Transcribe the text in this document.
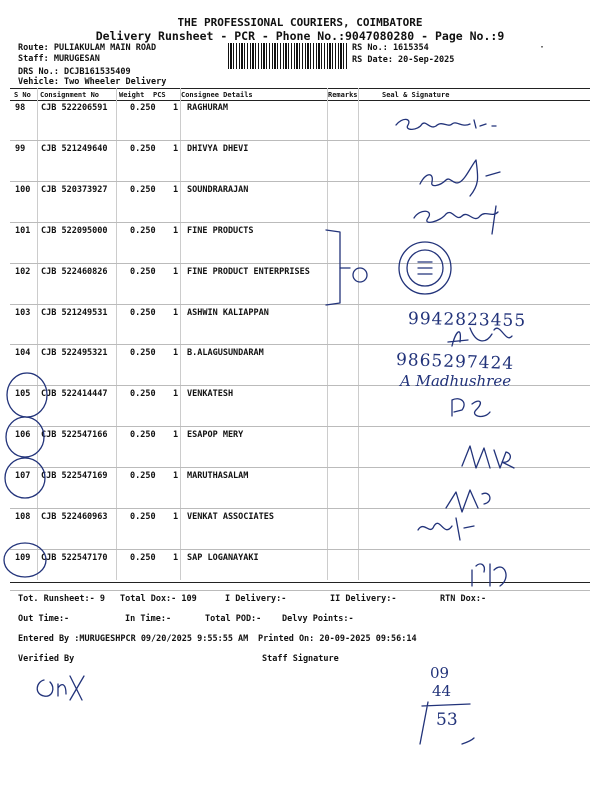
THE PROFESSIONAL COURIERS, COIMBATORE
Delivery Runsheet - PCR - Phone No.:9047080280 - Page No.:9
Route: PULIAKULAM MAIN ROAD
Staff: MURUGESAN
DRS No.: DCJB161535409
Vehicle: Two Wheeler Delivery
RS No.: 1615354
RS Date: 20-Sep-2025
·
S No Consignment No	Weight PCS Consignee Details	Remarks	Seal & Signature
98 CJB 522206591	0.250 1 RAGHURAM
99 CJB 521249640	0.250 1 DHIVYA DHEVI
100 CJB 520373927	0.250 1 SOUNDRARAJAN
101 CJB 522095000	0.250 1 FINE PRODUCTS
102 CJB 522460826	0.250 1 FINE PRODUCT ENTERPRISES
103 CJB 521249531	0.250 1 ASHWIN KALIAPPAN
104 CJB 522495321	0.250 1 B.ALAGUSUNDARAM
105 CJB 522414447	0.250 1 VENKATESH
106 CJB 522547166	0.250 1 ESAPOP MERY
107 CJB 522547169	0.250 1 MARUTHASALAM
108 CJB 522460963	0.250 1 VENKAT ASSOCIATES
109 CJB 522547170	0.250 1 SAP LOGANAYAKI
Tot. Runsheet:- 9 Total Dox:- 109	I Delivery:-	II Delivery:-	RTN Dox:-
Out Time:-	In Time:-	Total POD:- Delvy Points:-
Entered By :MURUGESHPCR 09/20/2025 9:55:55 AM Printed On: 20-09-2025 09:56:14
Verified By	Staff Signature
9942823455
9865297424
A Madhushree
09
44
53
